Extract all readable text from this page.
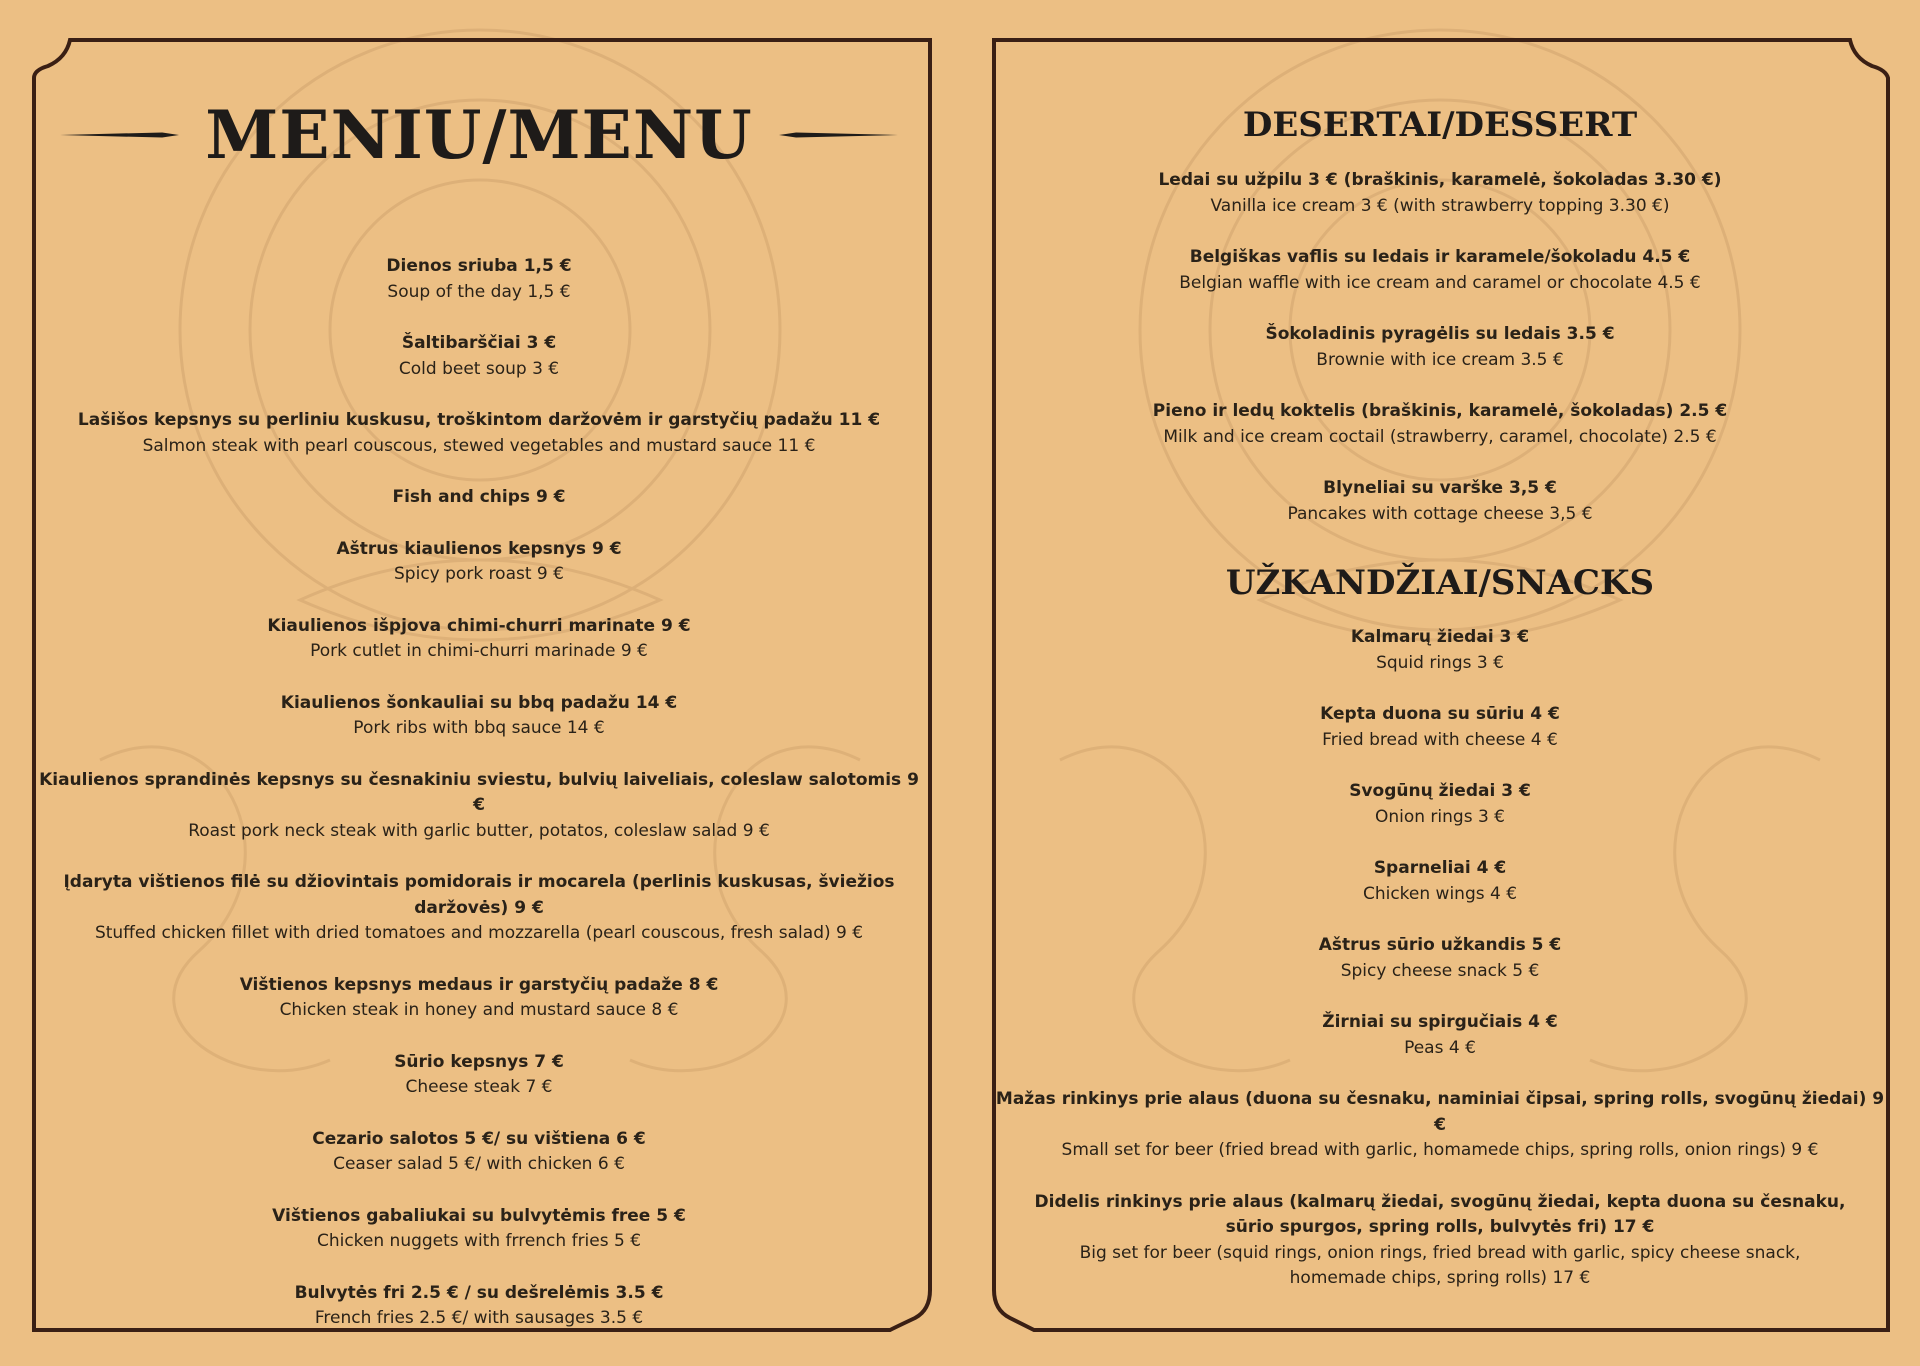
MENIU/MENU

Dienos sriuba 1,5 €

Soup of the day 1,5 €

Šaltibarščiai 3 €

Cold beet soup 3 €

Lašišos kepsnys su perliniu kuskusu, troškintom daržovėm ir garstyčių padažu 11 €

Salmon steak with pearl couscous, stewed vegetables and mustard sauce 11 €

Fish and chips 9 €

Aštrus kiaulienos kepsnys 9 €

Spicy pork roast 9 €

Kiaulienos išpjova chimi-churri marinate 9 €

Pork cutlet in chimi-churri marinade 9 €

Kiaulienos šonkauliai su bbq padažu 14 €

Pork ribs with bbq sauce 14 €

Kiaulienos sprandinės kepsnys su česnakiniu sviestu, bulvių laiveliais, coleslaw salotomis 9 €

Roast pork neck steak with garlic butter, potatos, coleslaw salad 9 €

Įdaryta vištienos filė su džiovintais pomidorais ir mocarela (perlinis kuskusas, šviežios daržovės) 9 €

Stuffed chicken fillet with dried tomatoes and mozzarella (pearl couscous, fresh salad) 9 €

Vištienos kepsnys medaus ir garstyčių padaže 8 €

Chicken steak in honey and mustard sauce 8 €

Sūrio kepsnys 7 €

Cheese steak 7 €

Cezario salotos 5 €/ su vištiena 6 €

Ceaser salad 5 €/ with chicken 6 €

Vištienos gabaliukai su bulvytėmis free 5 €

Chicken nuggets with frrench fries 5 €

Bulvytės fri 2.5 € / su dešrelėmis 3.5 €

French fries 2.5 €/ with sausages 3.5 €

DESERTAI/DESSERT

Ledai su užpilu 3 € (braškinis, karamelė, šokoladas 3.30 €)

Vanilla ice cream 3 € (with strawberry topping 3.30 €)

Belgiškas vaflis su ledais ir karamele/šokoladu 4.5 €

Belgian waffle with ice cream and caramel or chocolate 4.5 €

Šokoladinis pyragėlis su ledais 3.5 €

Brownie with ice cream 3.5 €

Pieno ir ledų koktelis (braškinis, karamelė, šokoladas) 2.5 €

Milk and ice cream coctail (strawberry, caramel, chocolate) 2.5 €

Blyneliai su varške 3,5 €

Pancakes with cottage cheese 3,5 €

UŽKANDŽIAI/SNACKS

Kalmarų žiedai 3 €

Squid rings 3 €

Kepta duona su sūriu 4 €

Fried bread with cheese 4 €

Svogūnų žiedai 3 €

Onion rings 3 €

Sparneliai 4 €

Chicken wings 4 €

Aštrus sūrio užkandis 5 €

Spicy cheese snack 5 €

Žirniai su spirgučiais 4 €

Peas 4 €

Mažas rinkinys prie alaus (duona su česnaku, naminiai čipsai, spring rolls, svogūnų žiedai) 9 €

Small set for beer (fried bread with garlic, homamede chips, spring rolls, onion rings) 9 €

Didelis rinkinys prie alaus (kalmarų žiedai, svogūnų žiedai, kepta duona su česnaku,

sūrio spurgos, spring rolls, bulvytės fri) 17 €

Big set for beer (squid rings, onion rings, fried bread with garlic, spicy cheese snack,

homemade chips, spring rolls) 17 €
